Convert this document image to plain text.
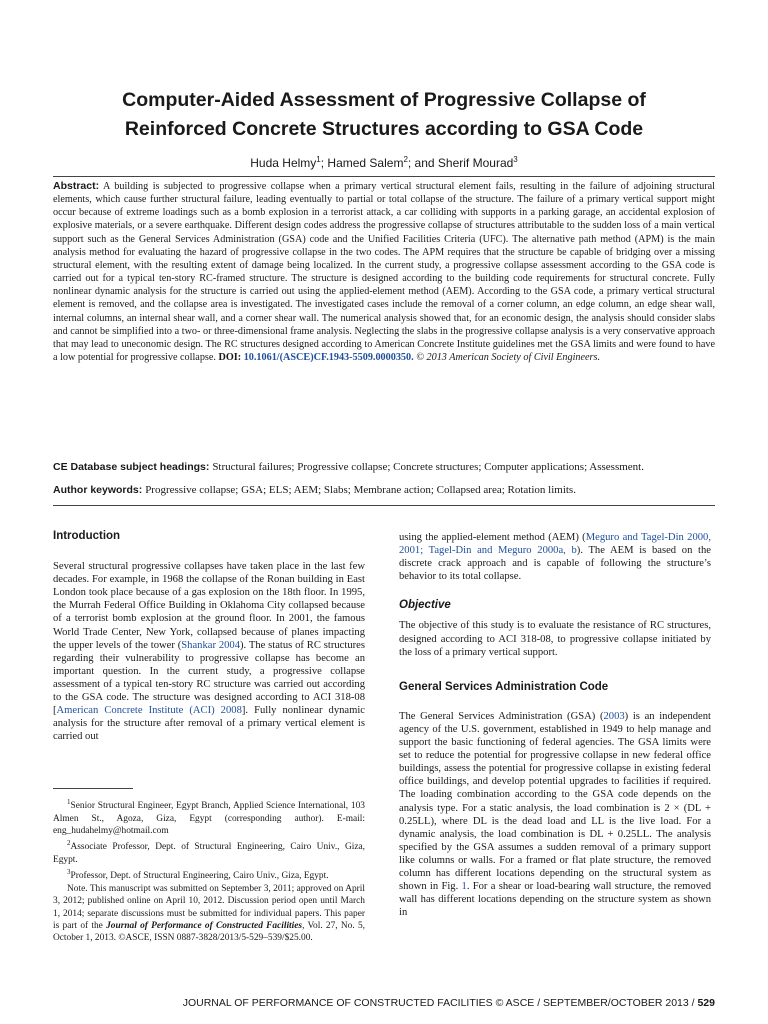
Computer-Aided Assessment of Progressive Collapse of
Reinforced Concrete Structures according to GSA Code
Huda Helmy$^1$; Hamed Salem$^2$; and Sherif Mourad$^3$
Abstract: A building is subjected to progressive collapse when a primary vertical structural element fails, resulting in the failure of adjoining structural elements, which cause further structural failure, leading eventually to partial or total collapse of the structure. The failure of a primary vertical support might occur because of extreme loadings such as a bomb explosion in a terrorist attack, a car colliding with supports in a parking garage, an accidental explosion of explosive materials, or a severe earthquake. Different design codes address the progressive collapse of structures attributable to the sudden loss of a main vertical support such as the General Services Administration (GSA) code and the Unified Facilities Criteria (UFC). The alternative path method (APM) is the main analysis method for evaluating the hazard of progressive collapse in the two codes. The APM requires that the structure be capable of bridging over a missing structural element, with the resulting extent of damage being localized. In the current study, a progressive collapse assessment according to the GSA code is carried out for a typical ten-story RC-framed structure. The structure is designed according to the building code requirements for structural concrete. Fully nonlinear dynamic analysis for the structure is carried out using the applied-element method (AEM). According to the GSA code, a primary vertical structural element is removed, and the collapse area is investigated. The investigated cases include the removal of a corner column, an edge column, an edge shear wall, internal columns, an internal shear wall, and a corner shear wall. The numerical analysis showed that, for an economic design, the analysis should consider slabs and cannot be simplified into a two- or three-dimensional frame analysis. Neglecting the slabs in the progressive collapse analysis is a very conservative approach that may lead to uneconomic design. The RC structures designed according to American Concrete Institute guidelines met the GSA limits and were found to have a low potential for progressive collapse. DOI: 10.1061/(ASCE)CF.1943-5509.0000350. © 2013 American Society of Civil Engineers.
CE Database subject headings: Structural failures; Progressive collapse; Concrete structures; Computer applications; Assessment.
Author keywords: Progressive collapse; GSA; ELS; AEM; Slabs; Membrane action; Collapsed area; Rotation limits.
Introduction

Several structural progressive collapses have taken place in the last few decades. For example, in 1968 the collapse of the Ronan building in East London took place because of a gas explosion on the 18th floor. In 1995, the Murrah Federal Office Building in Oklahoma City collapsed because of a terrorist bomb explosion at the ground floor. In 2001, the famous World Trade Center, New York, collapsed because of planes impacting the upper levels of the tower (Shankar 2004). The status of RC structures regarding their vulnerability to progressive collapse has become an important question. In the current study, a progressive collapse assessment of a typical ten-story RC structure was carried out according to the GSA code. The structure was designed according to ACI 318-08 [American Concrete Institute (ACI) 2008]. Fully nonlinear dynamic analysis for the structure after removal of a primary vertical element is carried out

$^1$Senior Structural Engineer, Egypt Branch, Applied Science International, 103 Almen St., Agoza, Giza, Egypt (corresponding author). E-mail: eng_hudahelmy@hotmail.com

$^2$Associate Professor, Dept. of Structural Engineering, Cairo Univ., Giza, Egypt.

$^3$Professor, Dept. of Structural Engineering, Cairo Univ., Giza, Egypt.

Note. This manuscript was submitted on September 3, 2011; approved on April 3, 2012; published online on April 10, 2012. Discussion period open until March 1, 2014; separate discussions must be submitted for individual papers. This paper is part of the Journal of Performance of Constructed Facilities, Vol. 27, No. 5, October 1, 2013. ©ASCE, ISSN 0887-3828/2013/5-529–539/$25.00.

using the applied-element method (AEM) (Meguro and Tagel-Din 2000, 2001; Tagel-Din and Meguro 2000a, b). The AEM is based on the discrete crack approach and is capable of following the structure’s behavior to its total collapse.

Objective

The objective of this study is to evaluate the resistance of RC structures, designed according to ACI 318-08, to progressive collapse initiated by the loss of a primary vertical support.

General Services Administration Code

The General Services Administration (GSA) (2003) is an independent agency of the U.S. government, established in 1949 to help manage and support the basic functioning of federal agencies. The GSA limits were set to reduce the potential for progressive collapse in new federal office buildings, assess the potential for progressive collapse in existing federal office buildings, and develop potential upgrades to facilities if required. The loading combination according to the GSA code depends on the analysis type. For a static analysis, the load combination is 2 × (DL + 0.25LL), where DL is the dead load and LL is the live load. For a dynamic analysis, the load combination is DL + 0.25LL. The analysis specified by the GSA assumes a sudden removal of a primary support like columns or walls. For a framed or flat plate structure, the removed column has different locations depending on the structural system as shown in Fig. 1. For a shear or load-bearing wall structure, the removed wall has different locations depending on the structure system as shown in

JOURNAL OF PERFORMANCE OF CONSTRUCTED FACILITIES © ASCE / SEPTEMBER/OCTOBER 2013 / 529
